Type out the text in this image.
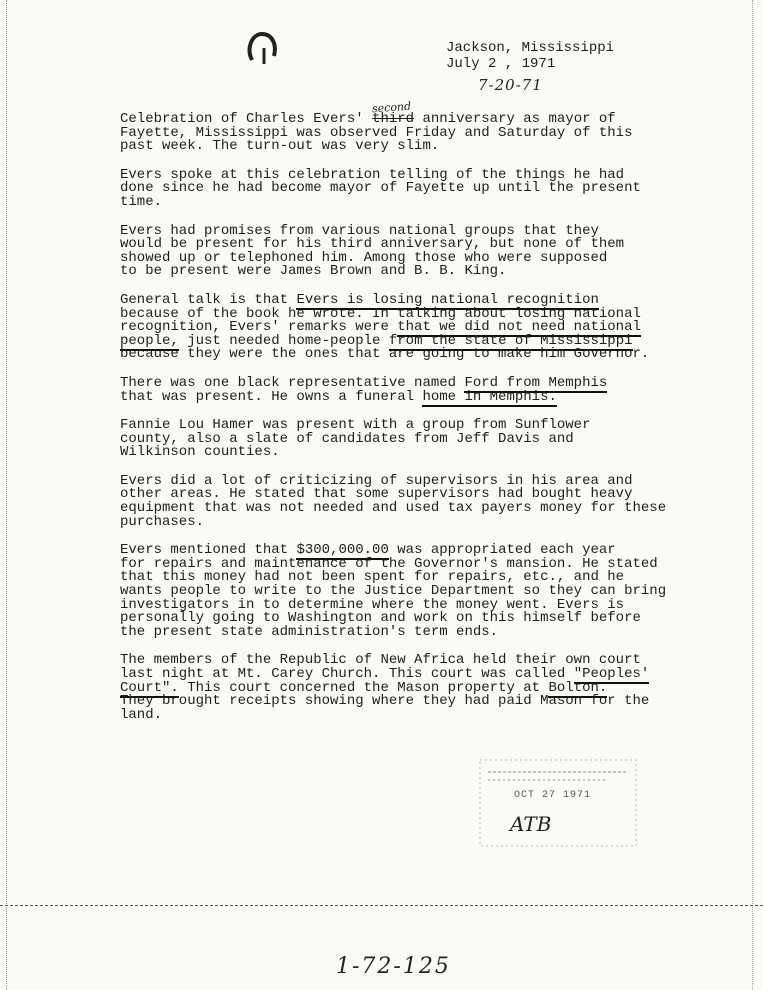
Jackson, Mississippi
July 2 , 1971
7-20-71
second

Celebration of Charles Evers' third anniversary as mayor of
Fayette, Mississippi was observed Friday and Saturday of this
past week. The turn-out was very slim.

Evers spoke at this celebration telling of the things he had
done since he had become mayor of Fayette up until the present
time.

Evers had promises from various national groups that they
would be present for his third anniversary, but none of them
showed up or telephoned him. Among those who were supposed
to be present were James Brown and B. B. King.

General talk is that Evers is losing national recognition
because of the book he wrote. In talking about losing national
recognition, Evers' remarks were that we did not need national
people, just needed home-people from the state of Mississippi
because they were the ones that are going to make him Governor.

There was one black representative named Ford from Memphis
that was present. He owns a funeral home in Memphis.

Fannie Lou Hamer was present with a group from Sunflower
county, also a slate of candidates from Jeff Davis and
Wilkinson counties.

Evers did a lot of criticizing of supervisors in his area and
other areas. He stated that some supervisors had bought heavy
equipment that was not needed and used tax payers money for these
purchases.

Evers mentioned that $300,000.00 was appropriated each year
for repairs and maintenance of the Governor's mansion. He stated
that this money had not been spent for repairs, etc., and he
wants people to write to the Justice Department so they can bring
investigators in to determine where the money went. Evers is
personally going to Washington and work on this himself before
the present state administration's term ends.

The members of the Republic of New Africa held their own court
last night at Mt. Carey Church. This court was called "Peoples'
Court". This court concerned the Mason property at Bolton.
They brought receipts showing where they had paid Mason for the
land.

OCT 27 1971
ATB
1-72-125
